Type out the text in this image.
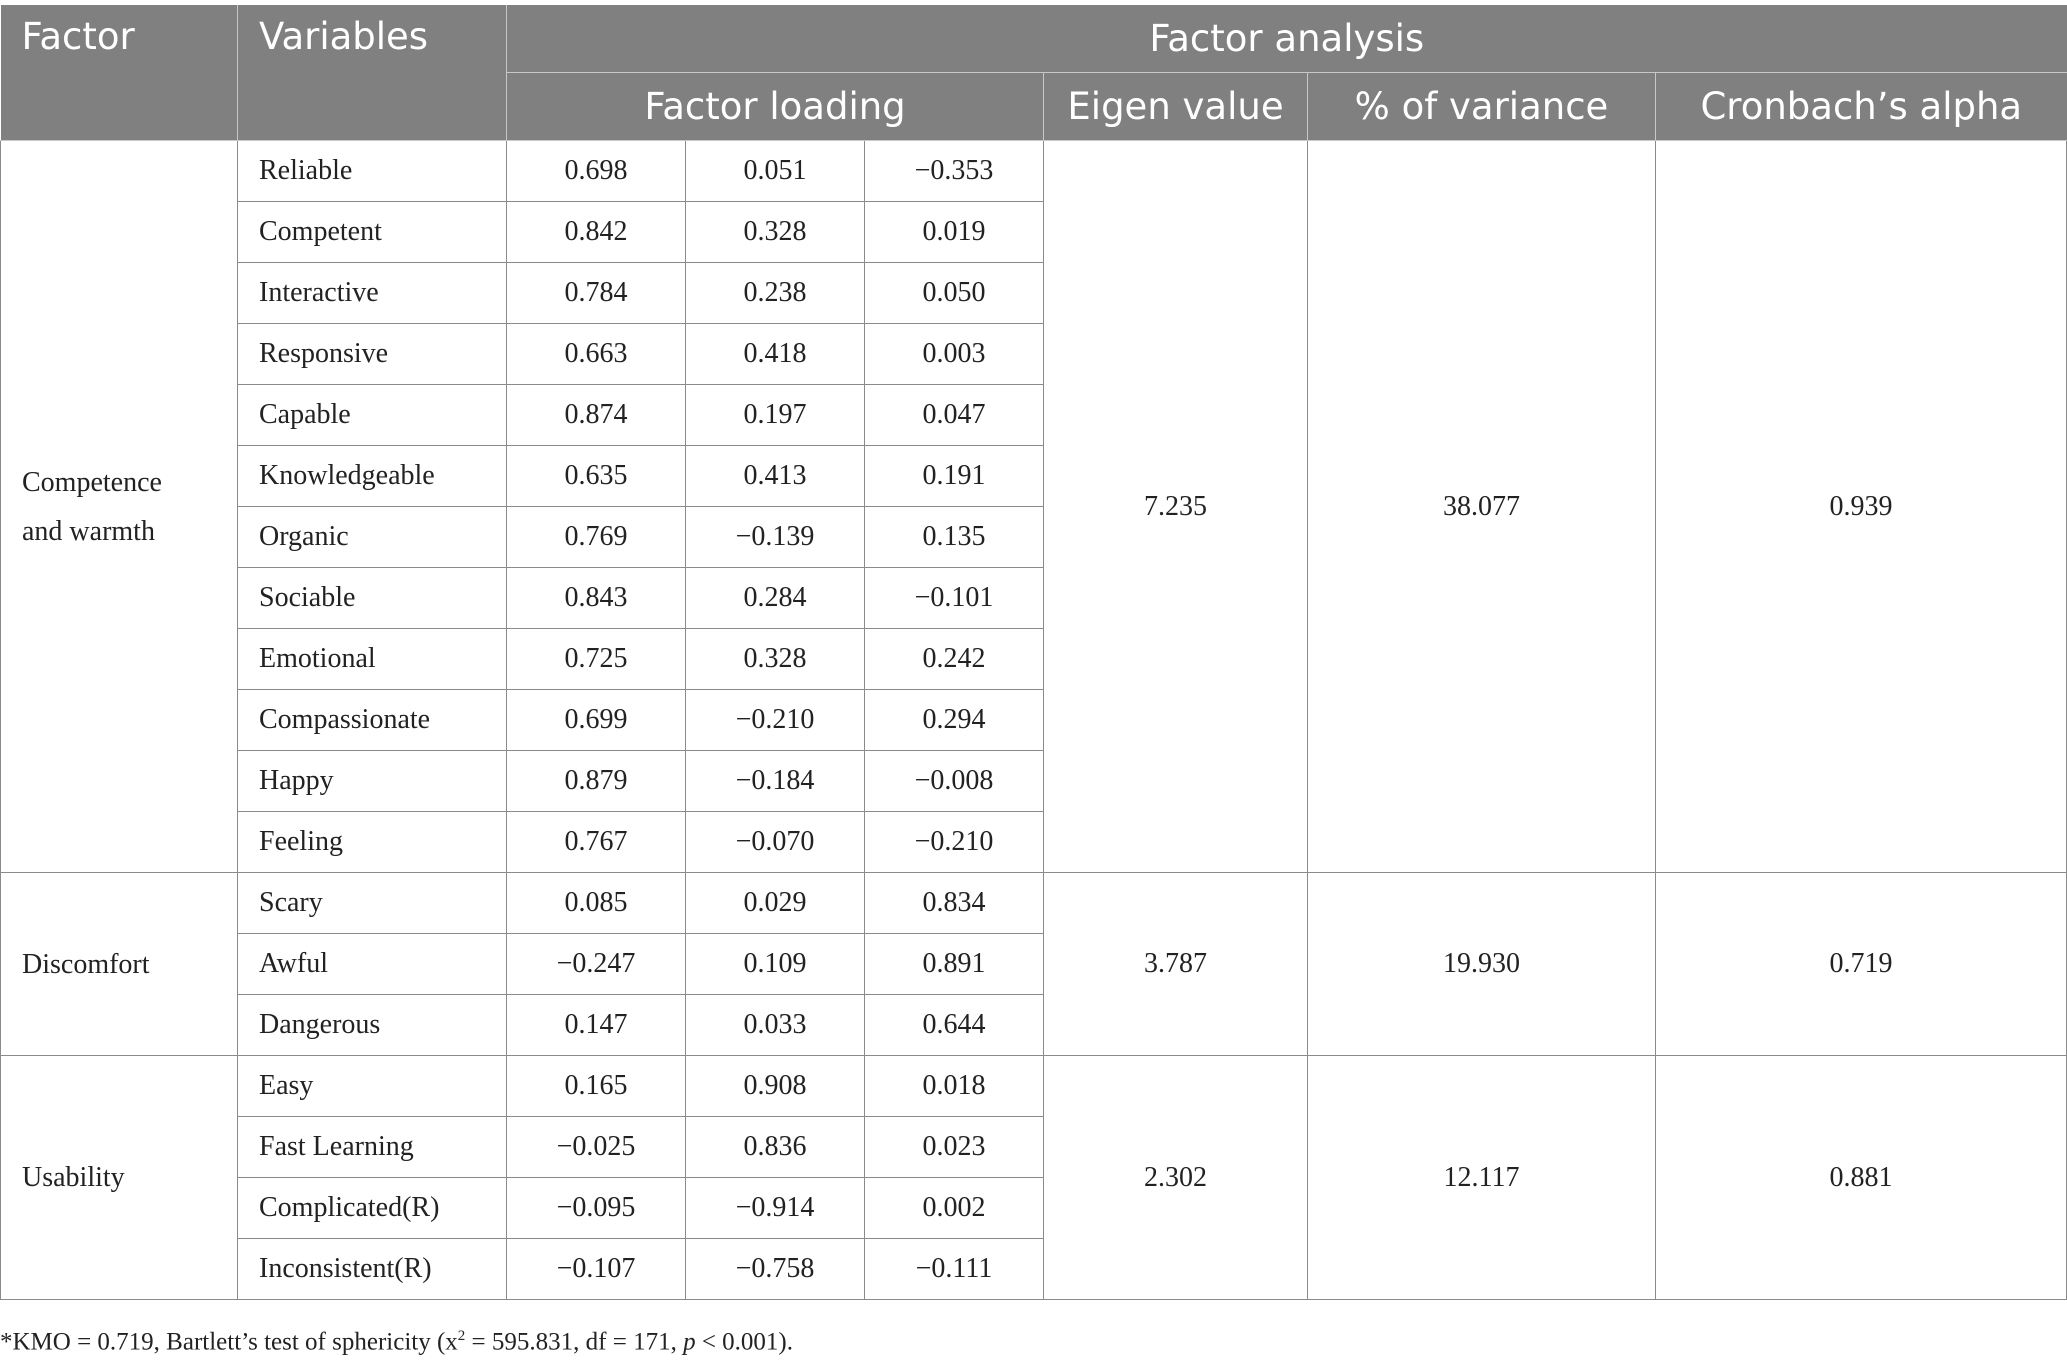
Factor	Variables	Factor analysis					
		Factor loading			Eigen value	% of variance	Cronbach’s alpha
Competence
and warmth	Reliable	0.698	0.051	−0.353	7.235	38.077	0.939
	Competent	0.842	0.328	0.019			
	Interactive	0.784	0.238	0.050			
	Responsive	0.663	0.418	0.003			
	Capable	0.874	0.197	0.047			
	Knowledgeable	0.635	0.413	0.191			
	Organic	0.769	−0.139	0.135			
	Sociable	0.843	0.284	−0.101			
	Emotional	0.725	0.328	0.242			
	Compassionate	0.699	−0.210	0.294			
	Happy	0.879	−0.184	−0.008			
	Feeling	0.767	−0.070	−0.210			
Discomfort	Scary	0.085	0.029	0.834	3.787	19.930	0.719
	Awful	−0.247	0.109	0.891			
	Dangerous	0.147	0.033	0.644			
Usability	Easy	0.165	0.908	0.018	2.302	12.117	0.881
	Fast Learning	−0.025	0.836	0.023			
	Complicated(R)	−0.095	−0.914	0.002			
	Inconsistent(R)	−0.107	−0.758	−0.111			
*KMO = 0.719, Bartlett’s test of sphericity ($x^2 = 595.831$, df = 171, p < 0.001).
